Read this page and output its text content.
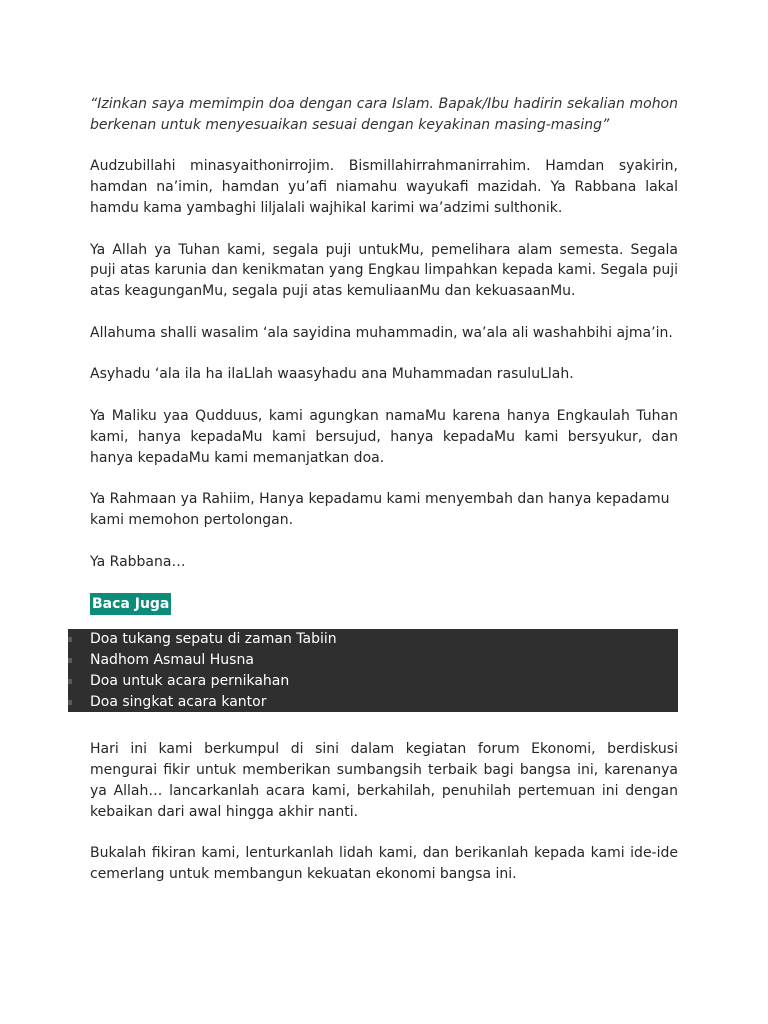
“Izinkan saya memimpin doa dengan cara Islam. Bapak/Ibu hadirin sekalian mohon berkenan untuk menyesuaikan sesuai dengan keyakinan masing-masing”

Audzubillahi minasyaithonirrojim. Bismillahirrahmanirrahim. Hamdan syakirin, hamdan na’imin, hamdan yu’afi niamahu wayukafi mazidah. Ya Rabbana lakal hamdu kama yambaghi liljalali wajhikal karimi wa’adzimi sulthonik.

Ya Allah ya Tuhan kami, segala puji untukMu, pemelihara alam semesta. Segala puji atas karunia dan kenikmatan yang Engkau limpahkan kepada kami. Segala puji atas keagunganMu, segala puji atas kemuliaanMu dan kekuasaanMu.

Allahuma shalli wasalim ‘ala sayidina muhammadin, wa’ala ali washahbihi ajma’in.

Asyhadu ‘ala ila ha ilaLlah waasyhadu ana Muhammadan rasuluLlah.

Ya Maliku yaa Qudduus, kami agungkan namaMu karena hanya Engkaulah Tuhan kami, hanya kepadaMu kami bersujud, hanya kepadaMu kami bersyukur, dan hanya kepadaMu kami memanjatkan doa.

Ya Rahmaan ya Rahiim, Hanya kepadamu kami menyembah dan hanya kepadamu kami memohon pertolongan.

Ya Rabbana…

Baca Juga
Doa tukang sepatu di zaman Tabiin
Nadhom Asmaul Husna
Doa untuk acara pernikahan
Doa singkat acara kantor

Hari ini kami berkumpul di sini dalam kegiatan forum Ekonomi, berdiskusi mengurai fikir untuk memberikan sumbangsih terbaik bagi bangsa ini, karenanya ya Allah… lancarkanlah acara kami, berkahilah, penuhilah pertemuan ini dengan kebaikan dari awal hingga akhir nanti.

Bukalah fikiran kami, lenturkanlah lidah kami, dan berikanlah kepada kami ide-ide cemerlang untuk membangun kekuatan ekonomi bangsa ini.
